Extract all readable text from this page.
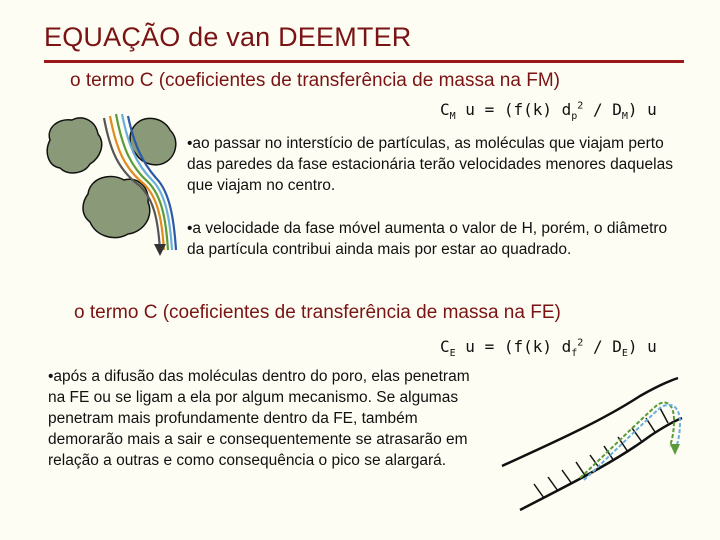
EQUAÇÃO de van DEEMTER
o termo C (coeficientes de transferência de massa na FM)
$C_M$ u = (f(k) $d_p^2 / D_M$) u
•ao passar no interstício de partículas, as moléculas que viajam perto das paredes da fase estacionária terão velocidades menores daquelas que viajam no centro.
•a velocidade da fase móvel aumenta o valor de H, porém, o diâmetro da partícula contribui ainda mais por estar ao quadrado.
o termo C (coeficientes de transferência de massa na FE)
$C_E$ u = (f(k) $d_f^2 / D_E$) u
•após a difusão das moléculas dentro do poro, elas penetram na FE ou se ligam a ela por algum mecanismo. Se algumas penetram mais profundamente dentro da FE, também demorarão mais a sair e consequentemente se atrasarão em relação a outras e como consequência o pico se alargará.
